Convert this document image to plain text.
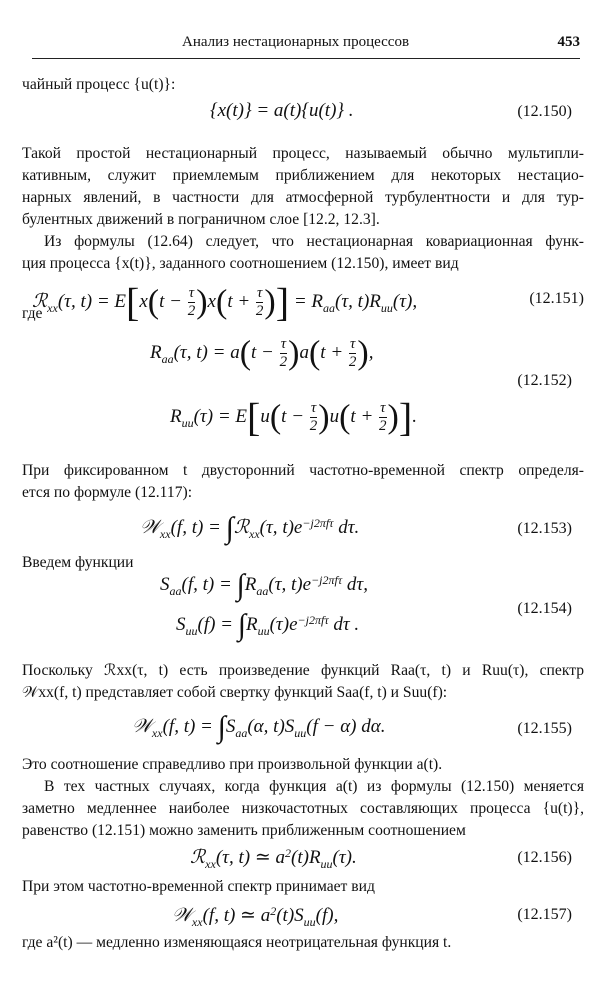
Анализ нестационарных процессов	453

чайный процесс {u(t)}:

{x(t)} = a(t){u(t)} .	(12.150)

Такой простой нестационарный процесс, называемый обычно мультипли-

кативным, служит приемлемым приближением для некоторых нестацио-

нарных явлений, в частности для атмосферной турбулентности и для тур-

булентных движений в пограничном слое [12.2, 12.3].

Из формулы (12.64) следует, что нестационарная ковариационная функ-

ция процесса {x(t)}, заданного соотношением (12.150), имеет вид

ℛ$_{xx}$(τ, $t) = E[x(t - \frac{\tau}{2} )x(t + \frac{\tau}{2}$ )] = $R_{aa}(\tau$, $t)R_{uu}(\tau)$,	(12.151)

где

$R_{aa}(\tau$, $t) = a(t - \frac{\tau}{2} )a(t + \frac{\tau}{2}$ ),
$R_{uu}(\tau) = E[u(t - \frac{\tau}{2} )u(t + \frac{\tau}{2}$ )].
(12.152)

При фиксированном t двусторонний частотно-временной спектр определя-

ется по формуле (12.117):

𝒲$_{xx}$(f, t) = ∫ℛ$_{xx}$(τ, $t)e^{-j2\pi f\tau}$ dτ.	(12.153)

Введем функции

$S_{aa}(f$, $t) = \int R_{aa}(\tau$, $t)e^{-j2\pi f\tau}$ dτ,
$S_{uu}(f) = \int R_{uu}(\tau)e^{-j2\pi f\tau}$ dτ .
(12.154)

Поскольку ℛxx(τ, t) есть произведение функций Raa(τ, t) и Ruu(τ), спектр

𝒲xx(f, t) представляет собой свертку функций Saa(f, t) и Suu(f):

𝒲$_{xx}$(f, $t) = \int S_{aa}(\alpha$, $t)S_{uu}(f - \alpha)$ dα.	(12.155)

Это соотношение справедливо при произвольной функции a(t).

В тех частных случаях, когда функция a(t) из формулы (12.150) меняется

заметно медленнее наиболее низкочастотных составляющих процесса {u(t)},

равенство (12.151) можно заменить приближенным соотношением

ℛ$_{xx}$(τ, t) ≃ $a^2(t)R_{uu}(\tau)$.	(12.156)

При этом частотно-временной спектр принимает вид

𝒲$_{xx}$(f, t) ≃ $a^2(t)S_{uu}(f)$,	(12.157)

где a²(t) — медленно изменяющаяся неотрицательная функция t.
